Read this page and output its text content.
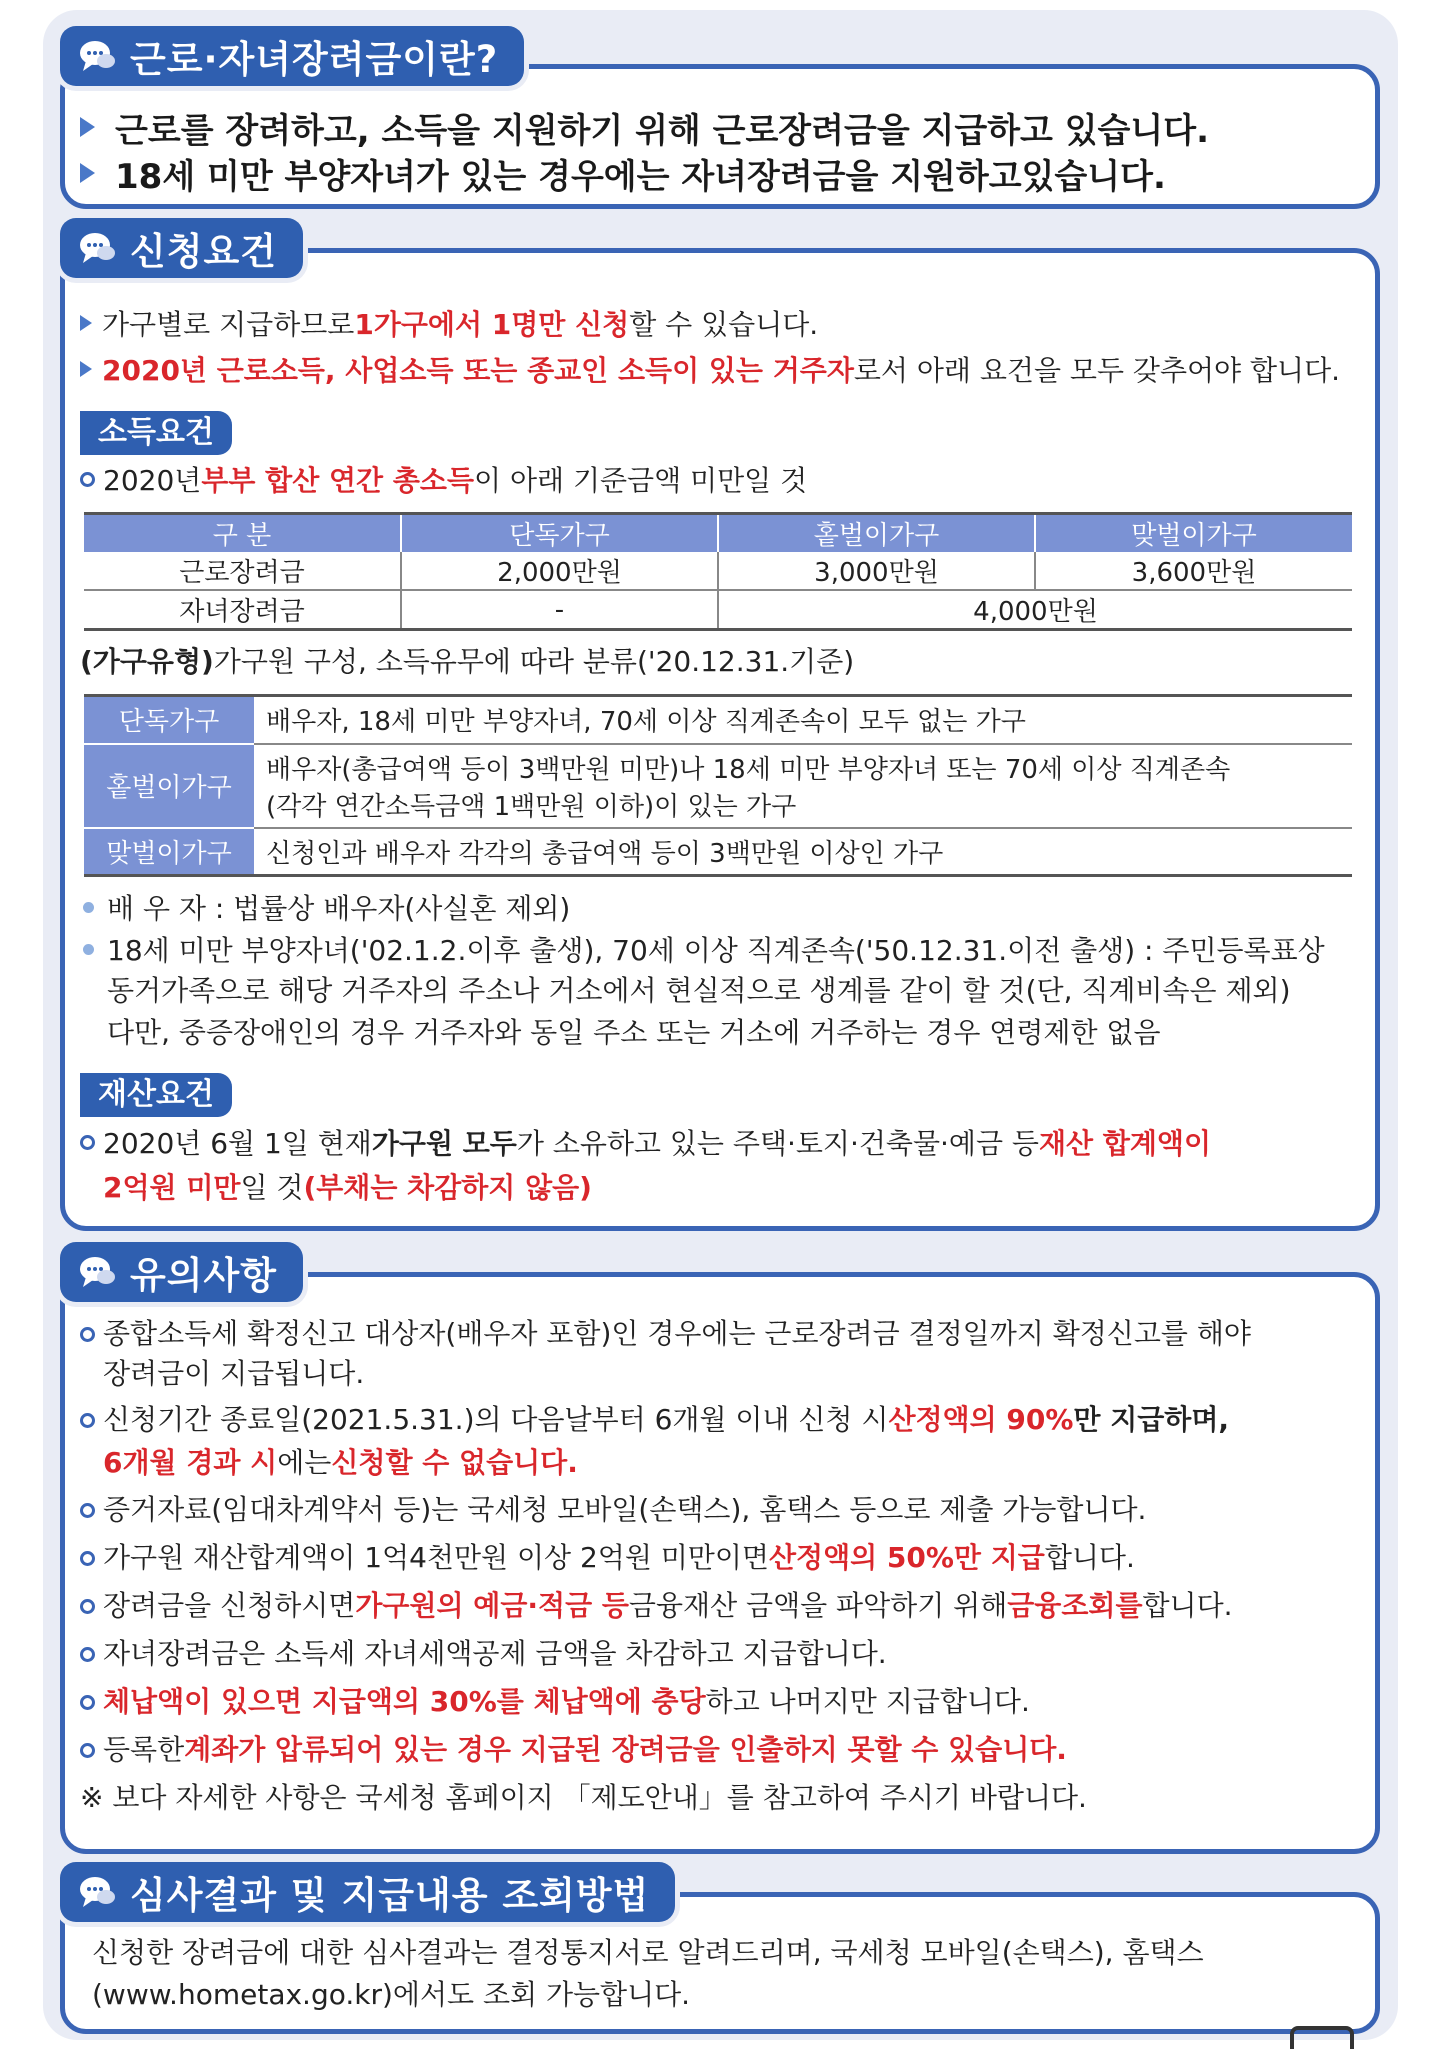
근로·자녀장려금이란?
근로를 장려하고, 소득을 지원하기 위해 근로장려금을 지급하고 있습니다.
18세 미만 부양자녀가 있는 경우에는 자녀장려금을 지원하고있습니다.
신청요건
가구별로 지급하므로 1가구에서 1명만 신청 할 수 있습니다.
2020년 근로소득, 사업소득 또는 종교인 소득이 있는 거주자 로서 아래 요건을 모두 갖추어야 합니다.
소득요건
2020년 부부 합산 연간 총소득 이 아래 기준금액 미만일 것
구 분	단독가구	홑벌이가구	맞벌이가구
근로장려금	2,000만원	3,000만원	3,600만원
자녀장려금	-	4,000만원	
(가구유형) 가구원 구성, 소득유무에 따라 분류('20.12.31.기준)
단독가구	배우자, 18세 미만 부양자녀, 70세 이상 직계존속이 모두 없는 가구
홑벌이가구	배우자(총급여액 등이 3백만원 미만)나 18세 미만 부양자녀 또는 70세 이상 직계존속
(각각 연간소득금액 1백만원 이하)이 있는 가구

맞벌이가구	신청인과 배우자 각각의 총급여액 등이 3백만원 이상인 가구
배 우 자 : 법률상 배우자(사실혼 제외)
18세 미만 부양자녀('02.1.2.이후 출생), 70세 이상 직계존속('50.12.31.이전 출생) : 주민등록표상
동거가족으로 해당 거주자의 주소나 거소에서 현실적으로 생계를 같이 할 것(단, 직계비속은 제외)
다만, 중증장애인의 경우 거주자와 동일 주소 또는 거소에 거주하는 경우 연령제한 없음
재산요건
2020년 6월 1일 현재 가구원 모두 가 소유하고 있는 주택·토지·건축물·예금 등 재산 합계액이
2억원 미만 일 것 (부채는 차감하지 않음)
유의사항
종합소득세 확정신고 대상자(배우자 포함)인 경우에는 근로장려금 결정일까지 확정신고를 해야
장려금이 지급됩니다.
신청기간 종료일(2021.5.31.)의 다음날부터 6개월 이내 신청 시 산정액의 90% 만 지급하며,
6개월 경과 시 에는 신청할 수 없습니다.
증거자료(임대차계약서 등)는 국세청 모바일(손택스), 홈택스 등으로 제출 가능합니다.
가구원 재산합계액이 1억4천만원 이상 2억원 미만이면 산정액의 50%만 지급 합니다.
장려금을 신청하시면 가구원의 예금·적금 등 금융재산 금액을 파악하기 위해 금융조회를 합니다.
자녀장려금은 소득세 자녀세액공제 금액을 차감하고 지급합니다.
체납액이 있으면 지급액의 30%를 체납액에 충당 하고 나머지만 지급합니다.
등록한 계좌가 압류되어 있는 경우 지급된 장려금을 인출하지 못할 수 있습니다.
※ 보다 자세한 사항은 국세청 홈페이지 「제도안내」를 참고하여 주시기 바랍니다.
심사결과 및 지급내용 조회방법
신청한 장려금에 대한 심사결과는 결정통지서로 알려드리며, 국세청 모바일(손택스), 홈택스
(www.hometax.go.kr)에서도 조회 가능합니다.
